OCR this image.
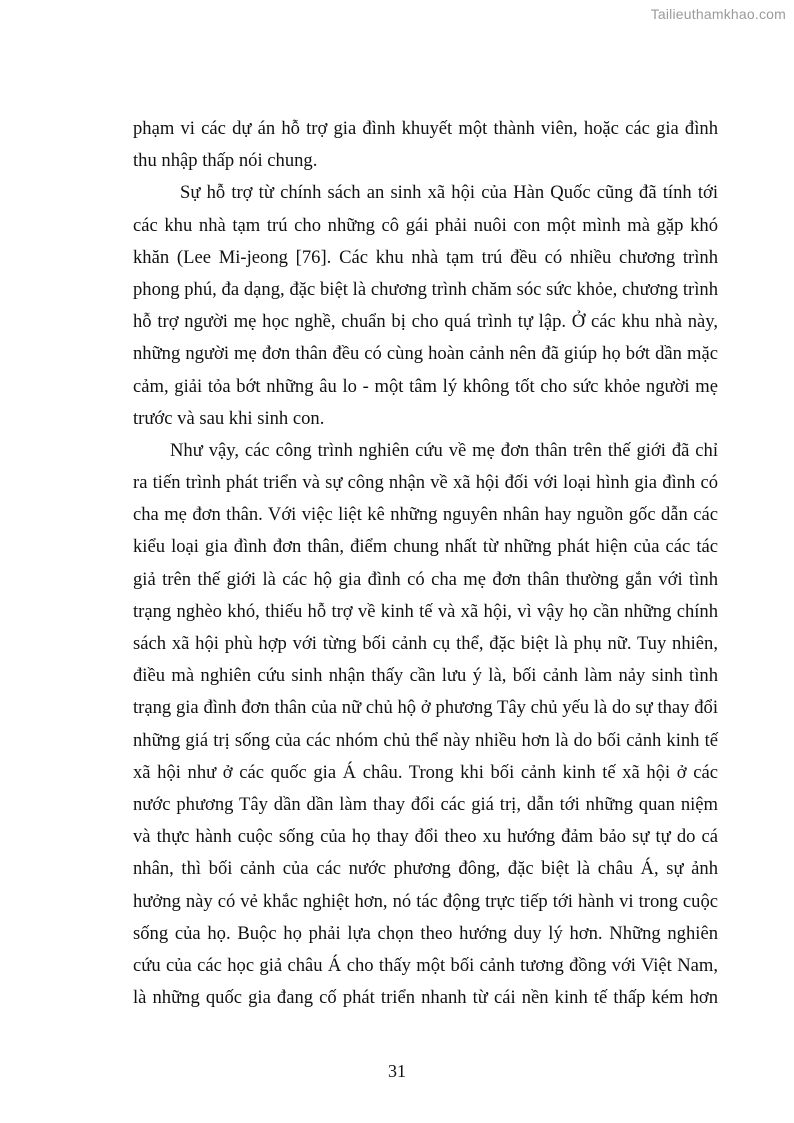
Tailieuthamkhao.com
phạm vi các dự án hỗ trợ gia đình khuyết một thành viên, hoặc các gia đình
thu nhập thấp nói chung.
Sự hỗ trợ từ chính sách an sinh xã hội của Hàn Quốc cũng đã tính tới
các khu nhà tạm trú cho những cô gái phải nuôi con một mình mà gặp khó
khăn (Lee Mi-jeong [76]. Các khu nhà tạm trú đều có nhiều chương trình
phong phú, đa dạng, đặc biệt là chương trình chăm sóc sức khỏe, chương trình
hỗ trợ người mẹ học nghề, chuẩn bị cho quá trình tự lập. Ở các khu nhà này,
những người mẹ đơn thân đều có cùng hoàn cảnh nên đã giúp họ bớt dần mặc
cảm, giải tỏa bớt những âu lo - một tâm lý không tốt cho sức khỏe người mẹ
trước và sau khi sinh con.
Như vậy, các công trình nghiên cứu về mẹ đơn thân trên thế giới đã chỉ
ra tiến trình phát triển và sự công nhận về xã hội đối với loại hình gia đình có
cha mẹ đơn thân. Với việc liệt kê những nguyên nhân hay nguồn gốc dẫn các
kiểu loại gia đình đơn thân, điểm chung nhất từ những phát hiện của các tác
giả trên thế giới là các hộ gia đình có cha mẹ đơn thân thường gắn với tình
trạng nghèo khó, thiếu hỗ trợ về kinh tế và xã hội, vì vậy họ cần những chính
sách xã hội phù hợp với từng bối cảnh cụ thể, đặc biệt là phụ nữ. Tuy nhiên,
điều mà nghiên cứu sinh nhận thấy cần lưu ý là, bối cảnh làm nảy sinh tình
trạng gia đình đơn thân của nữ chủ hộ ở phương Tây chủ yếu là do sự thay đổi
những giá trị sống của các nhóm chủ thể này nhiều hơn là do bối cảnh kinh tế
xã hội như ở các quốc gia Á châu. Trong khi bối cảnh kinh tế xã hội ở các
nước phương Tây dần dần làm thay đổi các giá trị, dẫn tới những quan niệm
và thực hành cuộc sống của họ thay đổi theo xu hướng đảm bảo sự tự do cá
nhân, thì bối cảnh của các nước phương đông, đặc biệt là châu Á, sự ảnh
hưởng này có vẻ khắc nghiệt hơn, nó tác động trực tiếp tới hành vi trong cuộc
sống của họ. Buộc họ phải lựa chọn theo hướng duy lý hơn. Những nghiên
cứu của các học giả châu Á cho thấy một bối cảnh tương đồng với Việt Nam,
là những quốc gia đang cố phát triển nhanh từ cái nền kinh tế thấp kém hơn
31
